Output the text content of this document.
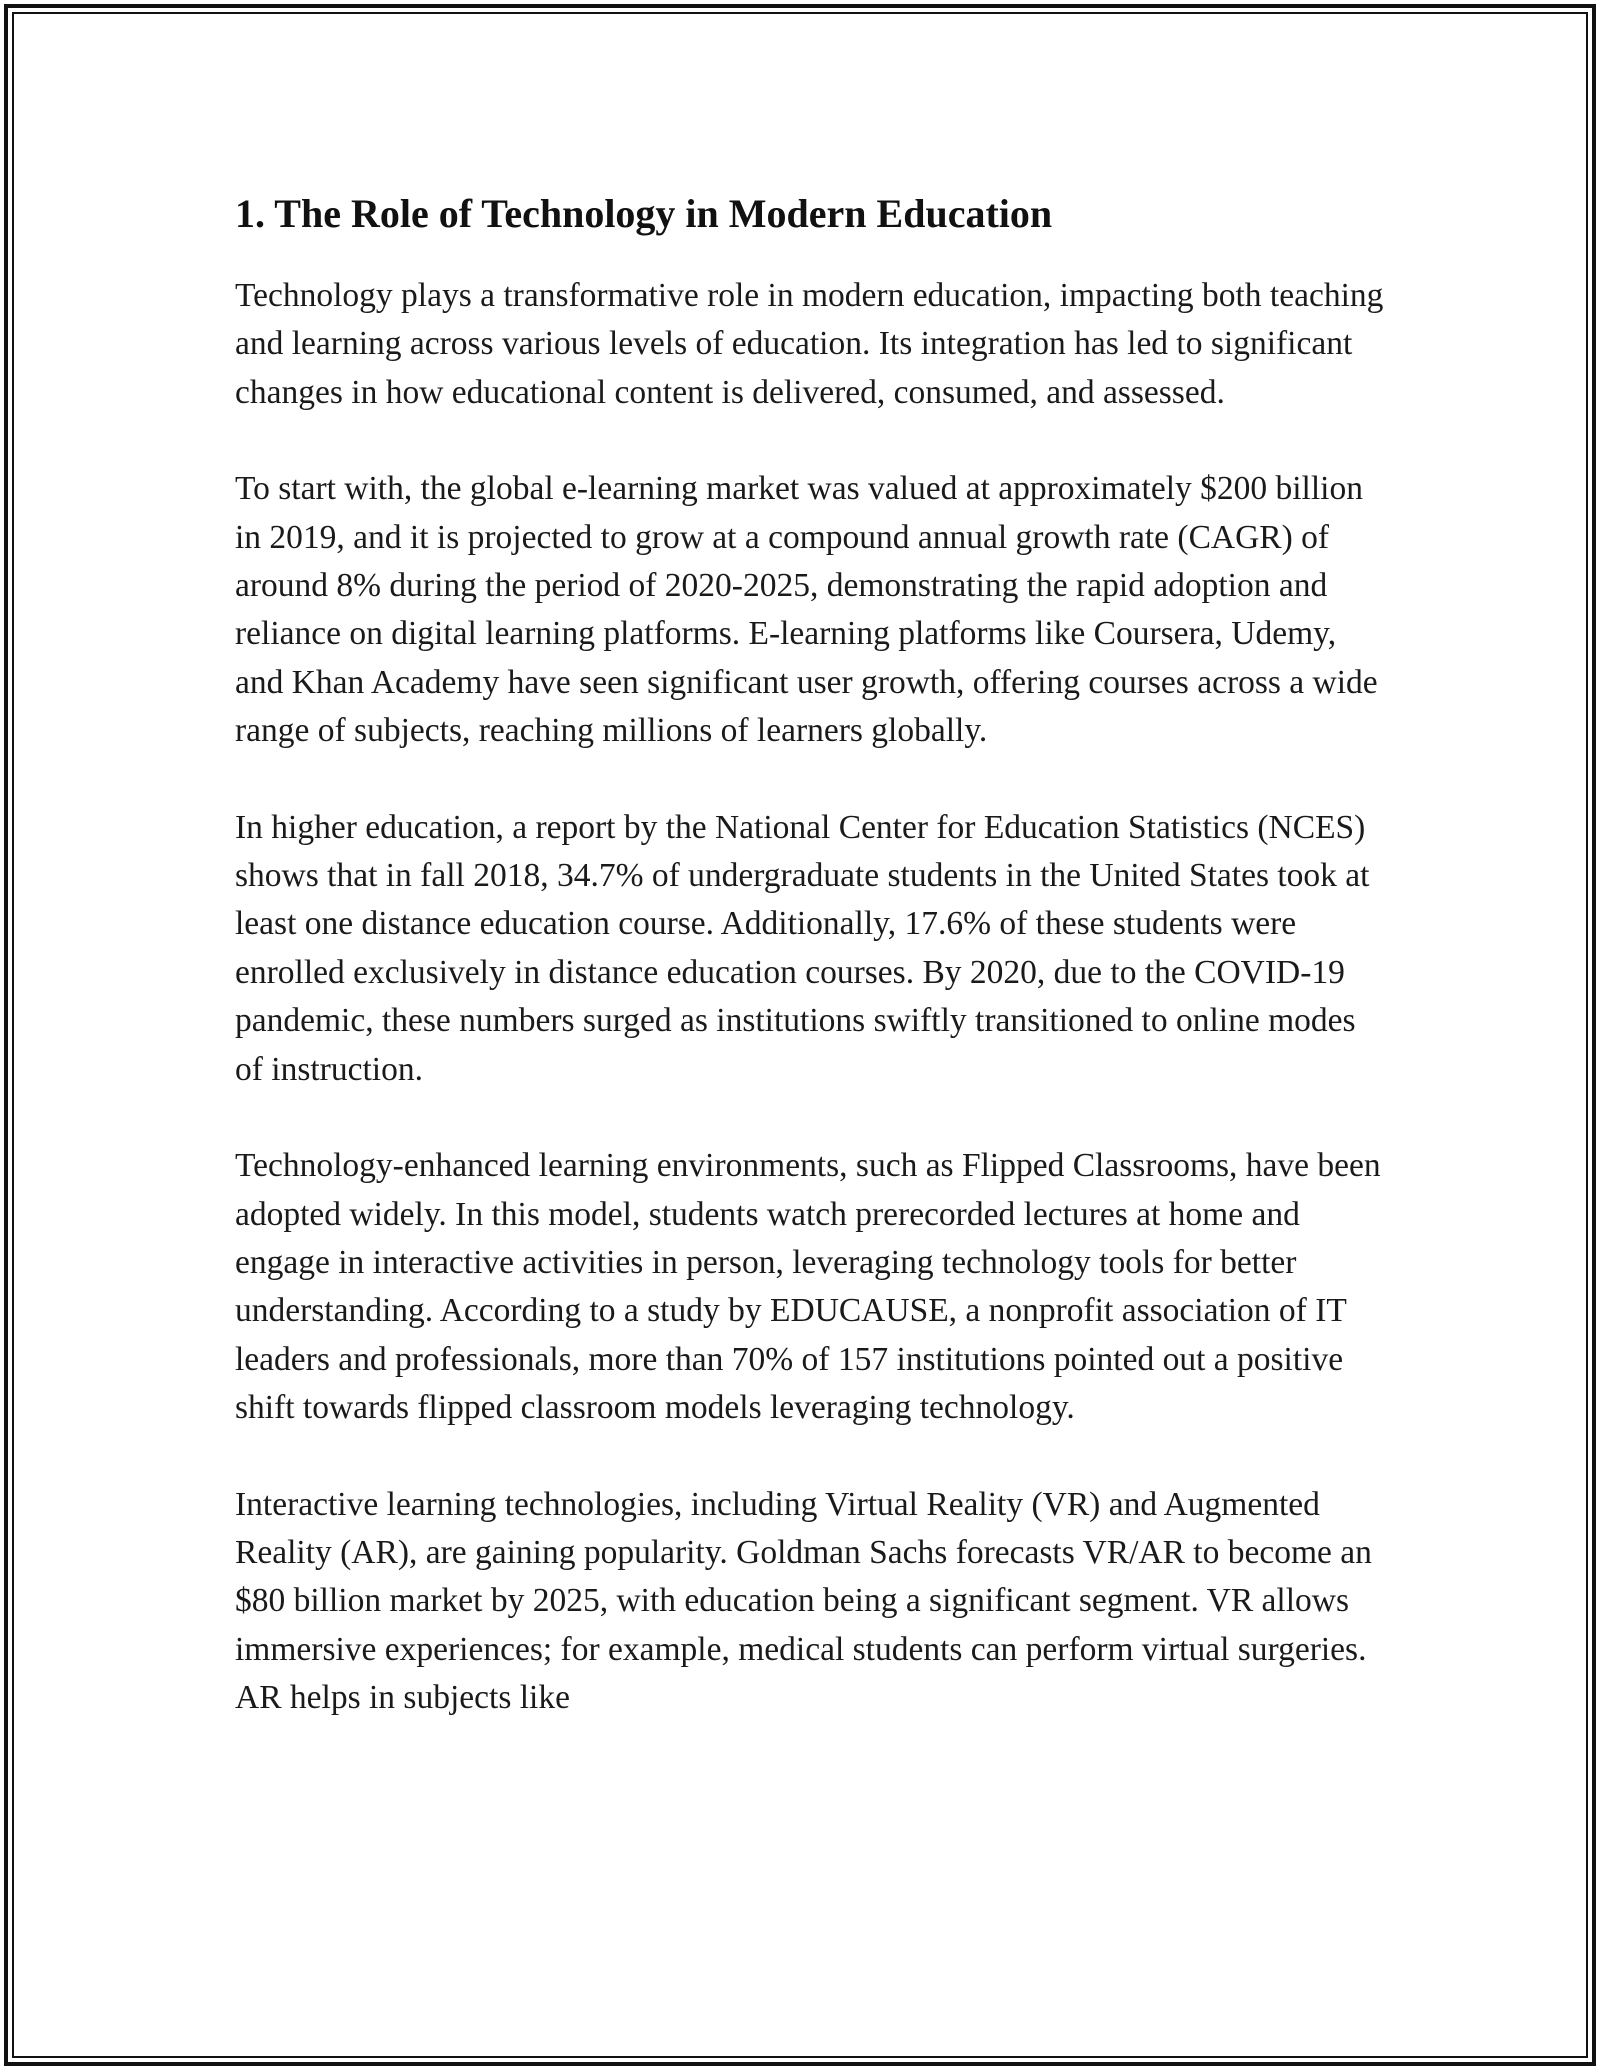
1. The Role of Technology in Modern Education

Technology plays a transformative role in modern education, impacting both teaching and learning across various levels of education. Its integration has led to significant changes in how educational content is delivered, consumed, and assessed.

To start with, the global e-learning market was valued at approximately $200 billion in 2019, and it is projected to grow at a compound annual growth rate (CAGR) of around 8% during the period of 2020-2025, demonstrating the rapid adoption and reliance on digital learning platforms. E-learning platforms like Coursera, Udemy, and Khan Academy have seen significant user growth, offering courses across a wide range of subjects, reaching millions of learners globally.

In higher education, a report by the National Center for Education Statistics (NCES) shows that in fall 2018, 34.7% of undergraduate students in the United States took at least one distance education course. Additionally, 17.6% of these students were enrolled exclusively in distance education courses. By 2020, due to the COVID-19 pandemic, these numbers surged as institutions swiftly transitioned to online modes of instruction.

Technology-enhanced learning environments, such as Flipped Classrooms, have been adopted widely. In this model, students watch prerecorded lectures at home and engage in interactive activities in person, leveraging technology tools for better understanding. According to a study by EDUCAUSE, a nonprofit association of IT leaders and professionals, more than 70% of 157 institutions pointed out a positive shift towards flipped classroom models leveraging technology.

Interactive learning technologies, including Virtual Reality (VR) and Augmented Reality (AR), are gaining popularity. Goldman Sachs forecasts VR/AR to become an $80 billion market by 2025, with education being a significant segment. VR allows immersive experiences; for example, medical students can perform virtual surgeries. AR helps in subjects like
